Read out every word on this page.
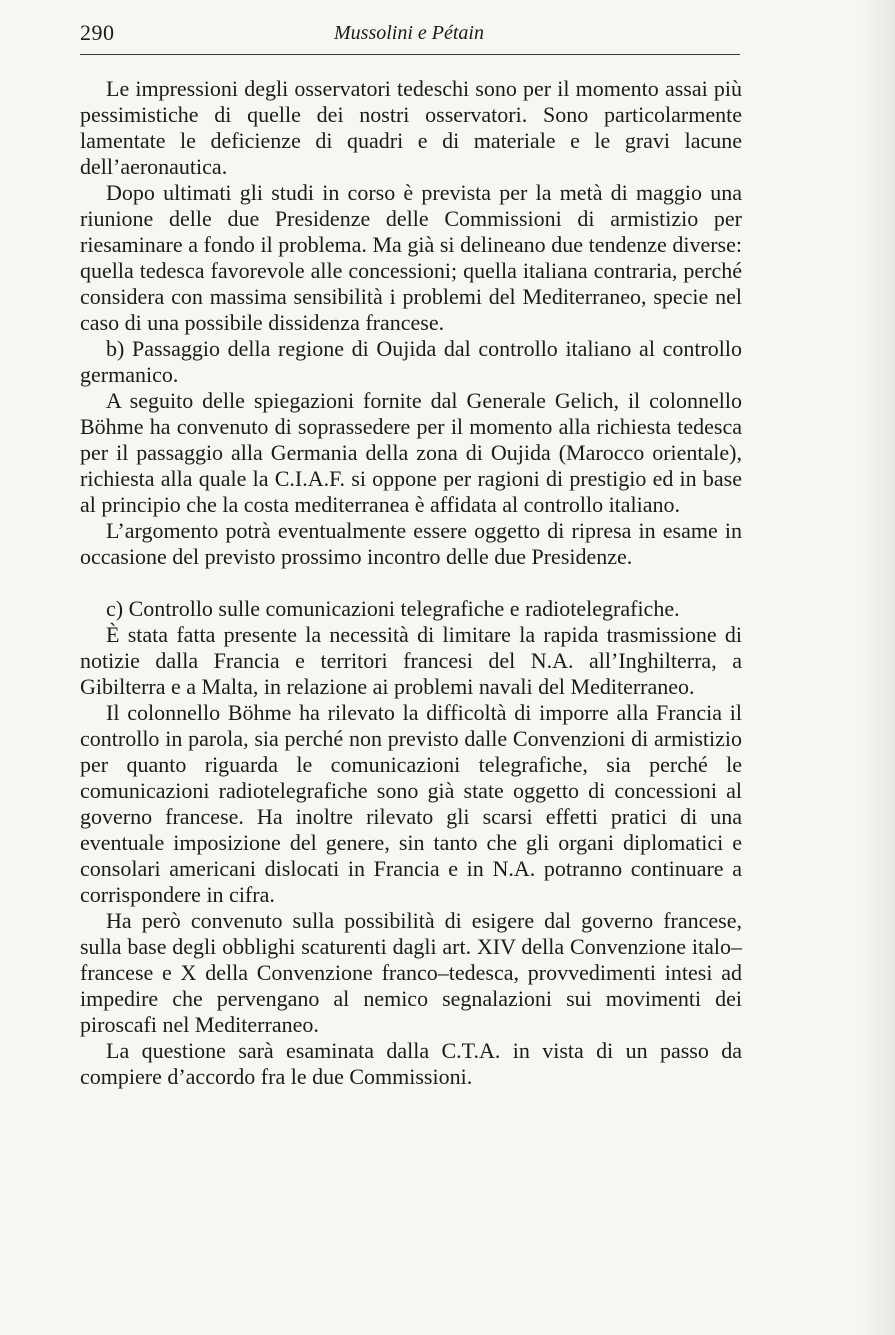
290	Mussolini e Pétain

Le impressioni degli osservatori tedeschi sono per il momento assai più pessimistiche di quelle dei nostri osservatori. Sono particolarmente lamentate le deficienze di quadri e di materiale e le gravi lacune dell’aeronautica.

Dopo ultimati gli studi in corso è prevista per la metà di maggio una riunione delle due Presidenze delle Commissioni di armistizio per riesaminare a fondo il problema. Ma già si delineano due tendenze diverse: quella tedesca favorevole alle concessioni; quella italiana contraria, perché considera con massima sensibilità i problemi del Mediterraneo, specie nel caso di una possibile dissidenza francese.

b) Passaggio della regione di Oujida dal controllo italiano al controllo germanico.

A seguito delle spiegazioni fornite dal Generale Gelich, il colonnello Böhme ha convenuto di soprassedere per il momento alla richiesta tedesca per il passaggio alla Germania della zona di Oujida (Marocco orientale), richiesta alla quale la C.I.A.F. si oppone per ragioni di prestigio ed in base al principio che la costa mediterranea è affidata al controllo italiano.

L’argomento potrà eventualmente essere oggetto di ripresa in esame in occasione del previsto prossimo incontro delle due Presidenze.

c) Controllo sulle comunicazioni telegrafiche e radiotelegrafiche.

È stata fatta presente la necessità di limitare la rapida trasmissione di notizie dalla Francia e territori francesi del N.A. all’Inghilterra, a Gibilterra e a Malta, in relazione ai problemi navali del Mediterraneo.

Il colonnello Böhme ha rilevato la difficoltà di imporre alla Francia il controllo in parola, sia perché non previsto dalle Convenzioni di armistizio per quanto riguarda le comunicazioni telegrafiche, sia perché le comunicazioni radiotelegrafiche sono già state oggetto di concessioni al governo francese. Ha inoltre rilevato gli scarsi effetti pratici di una eventuale imposizione del genere, sin tanto che gli organi diplomatici e consolari americani dislocati in Francia e in N.A. potranno continuare a corrispondere in cifra.

Ha però convenuto sulla possibilità di esigere dal governo francese, sulla base degli obblighi scaturenti dagli art. XIV della Convenzione italo–francese e X della Convenzione franco–tedesca, provvedimenti intesi ad impedire che pervengano al nemico segnalazioni sui movimenti dei piroscafi nel Mediterraneo.

La questione sarà esaminata dalla C.T.A. in vista di un passo da compiere d’accordo fra le due Commissioni.
